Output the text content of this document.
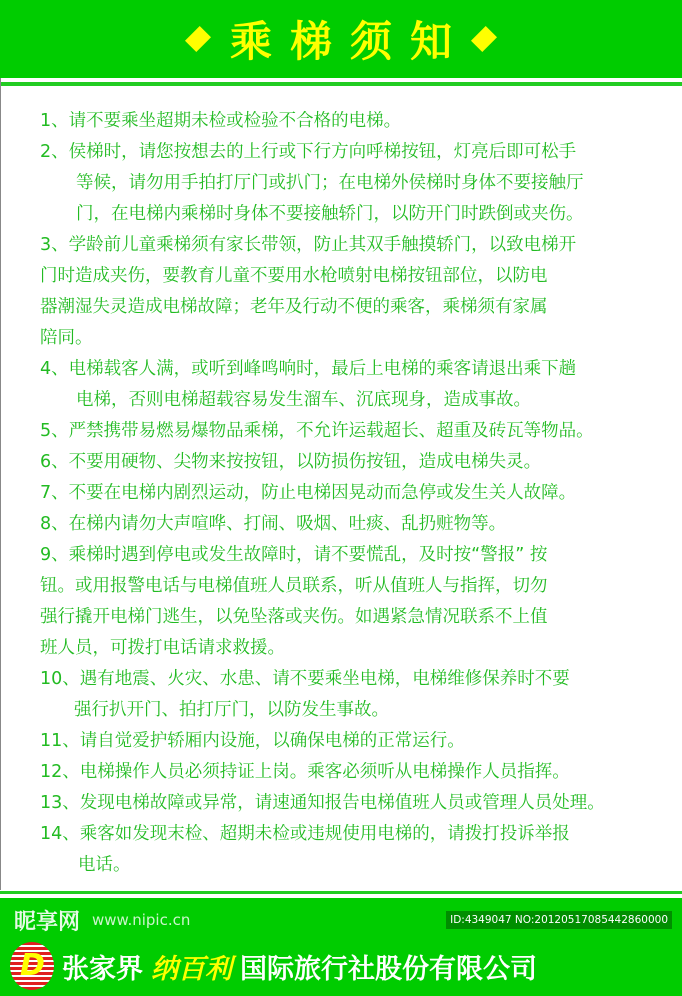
乘梯须知
1、请不要乘坐超期未检或检验不合格的电梯。
2、侯梯时，请您按想去的上行或下行方向呼梯按钮，灯亮后即可松手
等候，请勿用手拍打厅门或扒门；在电梯外侯梯时身体不要接触厅
门，在电梯内乘梯时身体不要接触轿门，以防开门时跌倒或夹伤。
3、学龄前儿童乘梯须有家长带领，防止其双手触摸轿门，以致电梯开
门时造成夹伤，要教育儿童不要用水枪喷射电梯按钮部位，以防电
器潮湿失灵造成电梯故障；老年及行动不便的乘客，乘梯须有家属
陪同。
4、电梯载客人满，或听到峰鸣响时，最后上电梯的乘客请退出乘下趟
电梯，否则电梯超载容易发生溜车、沉底现身，造成事故。
5、严禁携带易燃易爆物品乘梯，不允许运载超长、超重及砖瓦等物品。
6、不要用硬物、尖物来按按钮，以防损伤按钮，造成电梯失灵。
7、不要在电梯内剧烈运动，防止电梯因晃动而急停或发生关人故障。
8、在梯内请勿大声喧哗、打闹、吸烟、吐痰、乱扔赃物等。
9、乘梯时遇到停电或发生故障时，请不要慌乱，及时按“警报” 按
钮。或用报警电话与电梯值班人员联系，听从值班人与指挥，切勿
强行撬开电梯门逃生，以免坠落或夹伤。如遇紧急情况联系不上值
班人员，可拨打电话请求救援。
10、遇有地震、火灾、水患、请不要乘坐电梯，电梯维修保养时不要
强行扒开门、拍打厅门，以防发生事故。
11、请自觉爱护轿厢内设施，以确保电梯的正常运行。
12、电梯操作人员必须持证上岗。乘客必须听从电梯操作人员指挥。
13、发现电梯故障或异常，请速通知报告电梯值班人员或管理人员处理。
14、乘客如发现末检、超期未检或违规使用电梯的，请拨打投诉举报
电话。
昵享网 www.nipic.cn	ID:4349047 NO:20120517085442860000
D 张家界 纳百利 国际旅行社股份有限公司
